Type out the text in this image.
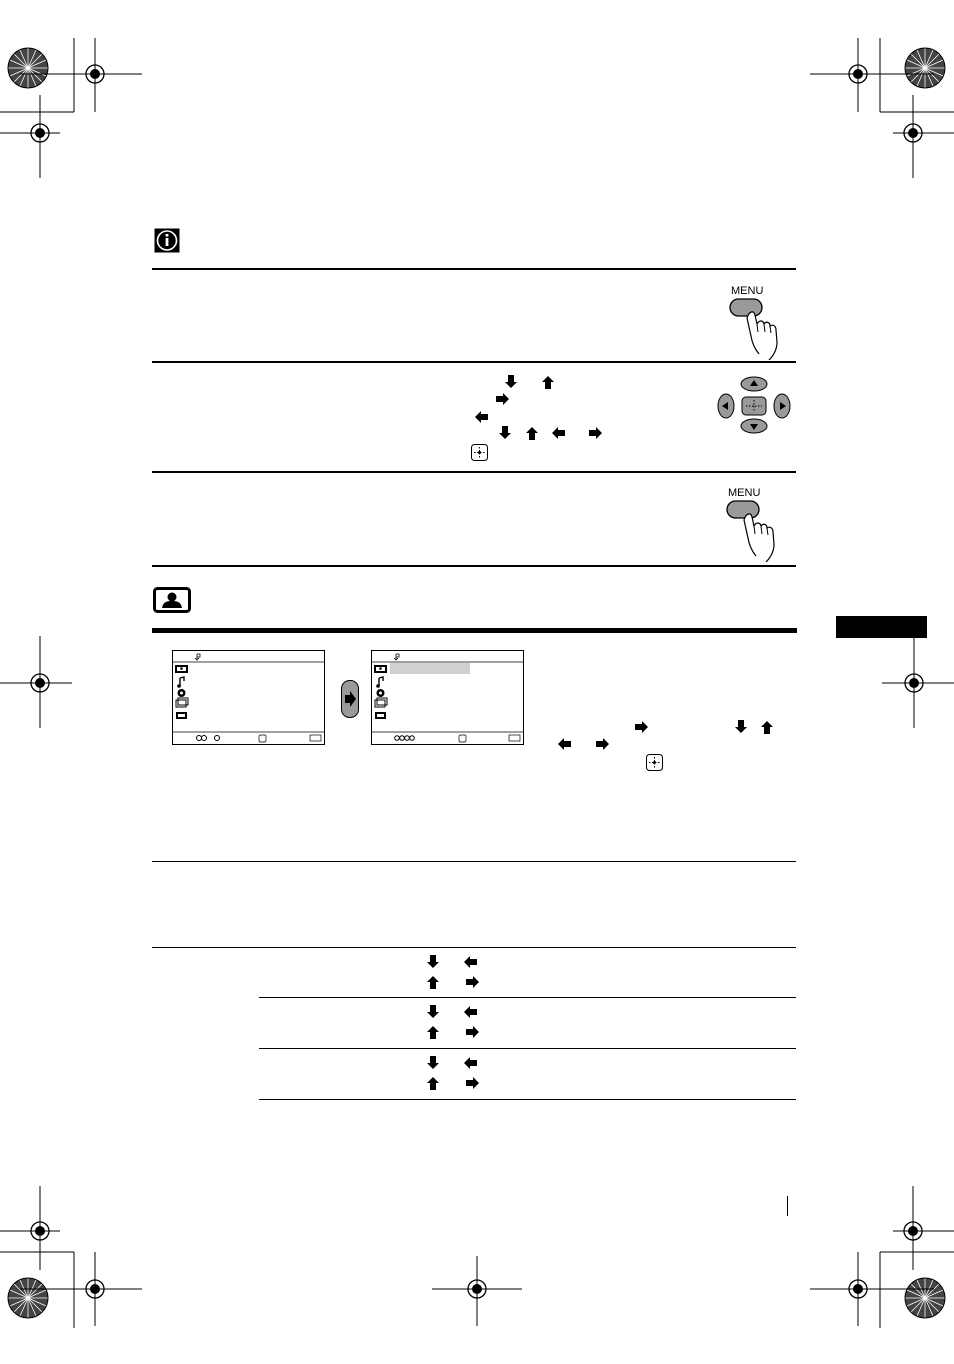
MENU
MENU
